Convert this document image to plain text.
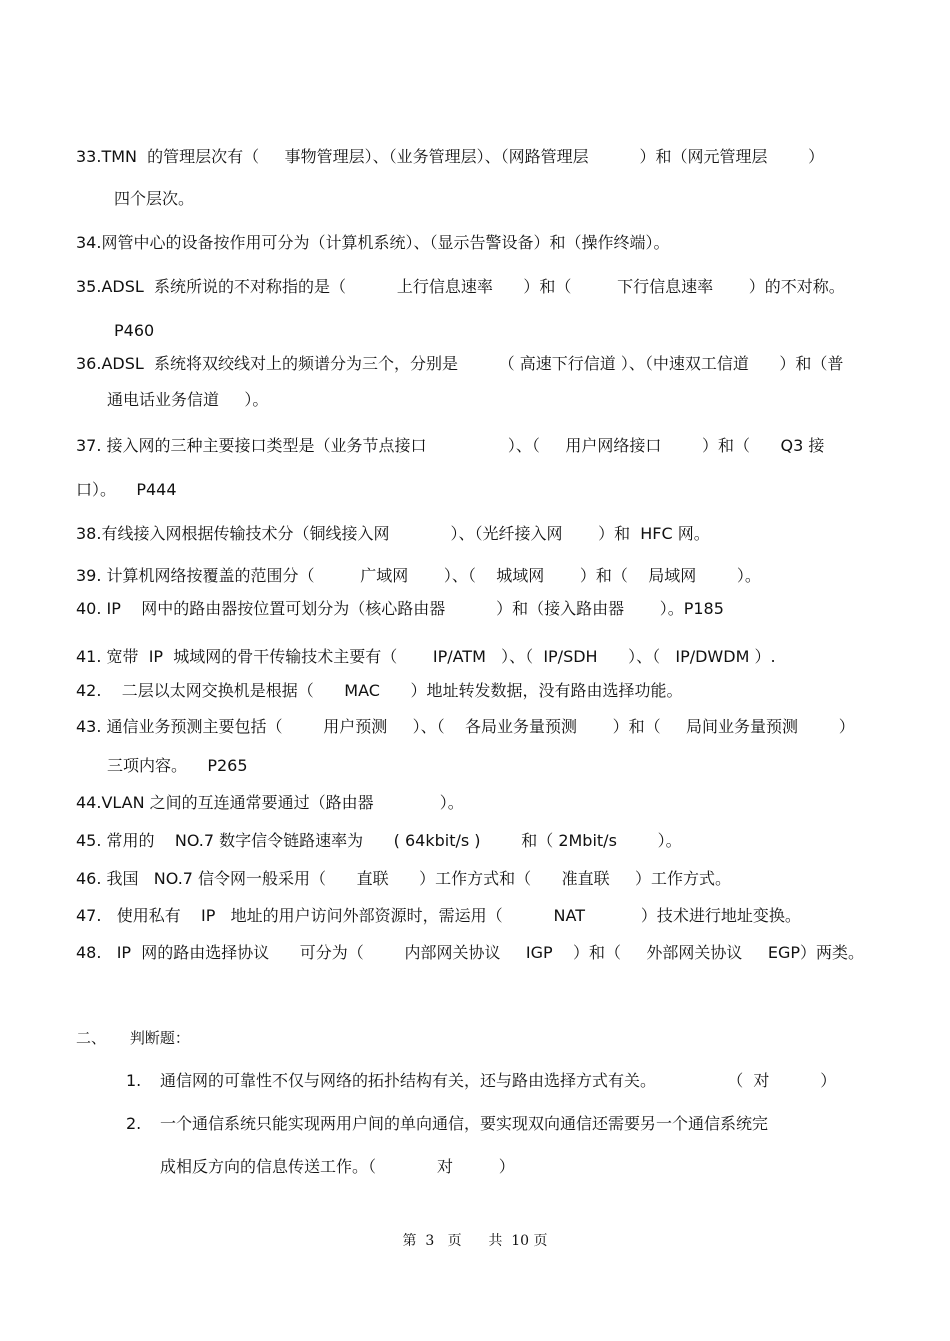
33.TMN  的管理层次有（     事物管理层）、（业务管理层）、（网路管理层          ）和（网元管理层        ）
四个层次。
34.网管中心的设备按作用可分为（计算机系统）、（显示告警设备）和（操作终端）。
35.ADSL  系统所说的不对称指的是（          上行信息速率      ）和（         下行信息速率       ）的不对称。
P460
36.ADSL  系统将双绞线对上的频谱分为三个，分别是        （ 高速下行信道 ）、（中速双工信道      ）和（普
通电话业务信道     ）。
37. 接入网的三种主要接口类型是（业务节点接口                ）、（     用户网络接口        ）和（      Q3 接
口）。    P444
38.有线接入网根据传输技术分（铜线接入网            ）、（光纤接入网       ）和  HFC 网。
39. 计算机网络按覆盖的范围分（         广域网       ）、（    城域网       ）和（    局域网        ）。
40. IP    网中的路由器按位置可划分为（核心路由器          ）和（接入路由器       ）。P185
41. 宽带  IP  城域网的骨干传输技术主要有（       IP/ATM   ）、（  IP/SDH      ）、（   IP/DWDM ）.
42.    二层以太网交换机是根据（      MAC      ）地址转发数据，没有路由选择功能。
43. 通信业务预测主要包括（        用户预测     ）、（    各局业务量预测       ）和（     局间业务量预测        ）
三项内容。    P265
44.VLAN 之间的互连通常要通过（路由器             ）。
45. 常用的    NO.7 数字信令链路速率为      ( 64kbit/s )        和（ 2Mbit/s        ）。
46. 我国   NO.7 信令网一般采用（      直联      ）工作方式和（      准直联     ）工作方式。
47.   使用私有    IP   地址的用户访问外部资源时，需运用（          NAT           ）技术进行地址变换。
48.   IP  网的路由选择协议      可分为（        内部网关协议     IGP    ）和（     外部网关协议     EGP）两类。
二、     判断题：
1. 通信网的可靠性不仅与网络的拓扑结构有关，还与路由选择方式有关。              （  对          ）
2. 一个通信系统只能实现两用户间的单向通信，要实现双向通信还需要另一个通信系统完
成相反方向的信息传送工作。（            对         ）
第  3   页      共  10 页
